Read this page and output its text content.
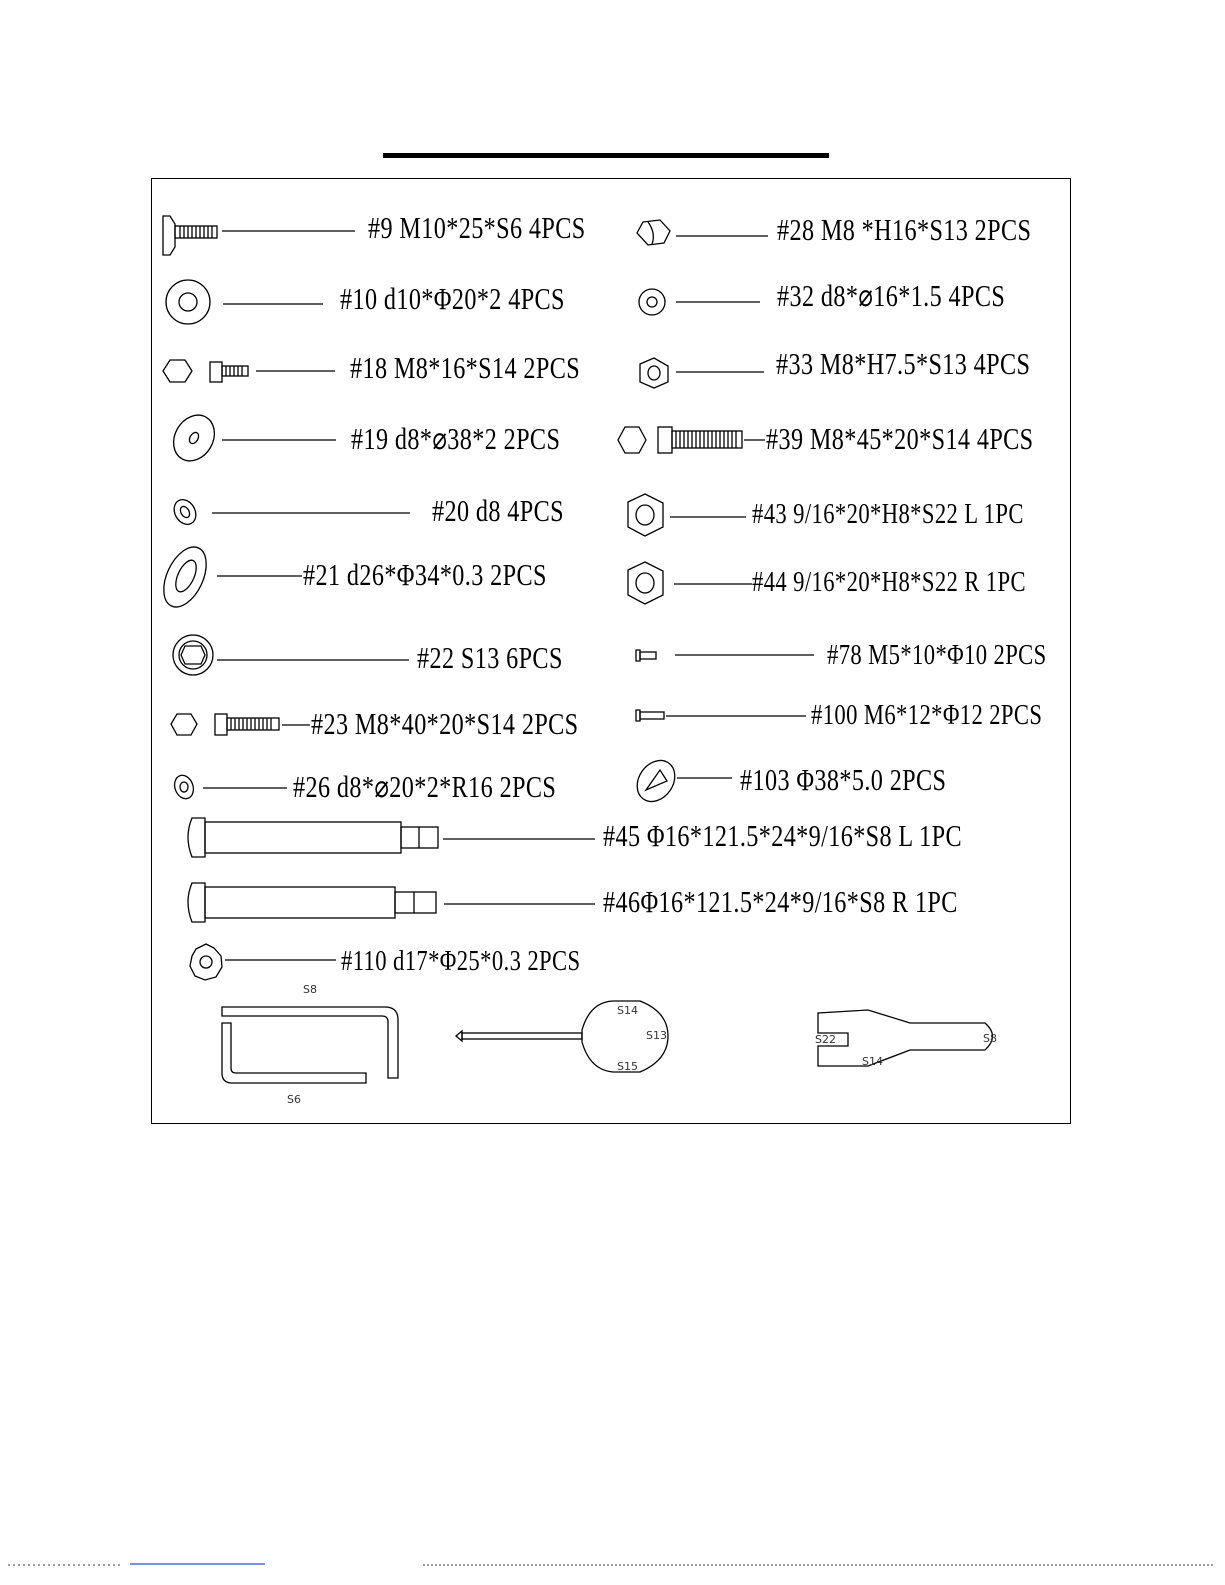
#9 M10*25*S6 4PCS
#10 d10*Φ20*2 4PCS
#18 M8*16*S14 2PCS
#19 d8*⌀38*2 2PCS
#20 d8 4PCS
#21 d26*Φ34*0.3 2PCS
#22 S13 6PCS
#23 M8*40*20*S14 2PCS
#26 d8*⌀20*2*R16 2PCS
#45 Φ16*121.5*24*9/16*S8 L 1PC
#46Φ16*121.5*24*9/16*S8 R 1PC
#110 d17*Φ25*0.3 2PCS
#28 M8 *H16*S13 2PCS
#32 d8*⌀16*1.5 4PCS
#33 M8*H7.5*S13 4PCS
#39 M8*45*20*S14 4PCS
#43 9/16*20*H8*S22 L 1PC
#44 9/16*20*H8*S22 R 1PC
#78 M5*10*Φ10 2PCS
#100 M6*12*Φ12 2PCS
#103 Φ38*5.0 2PCS
S8
S6
S14
S13
S15
S22
S14
S8
